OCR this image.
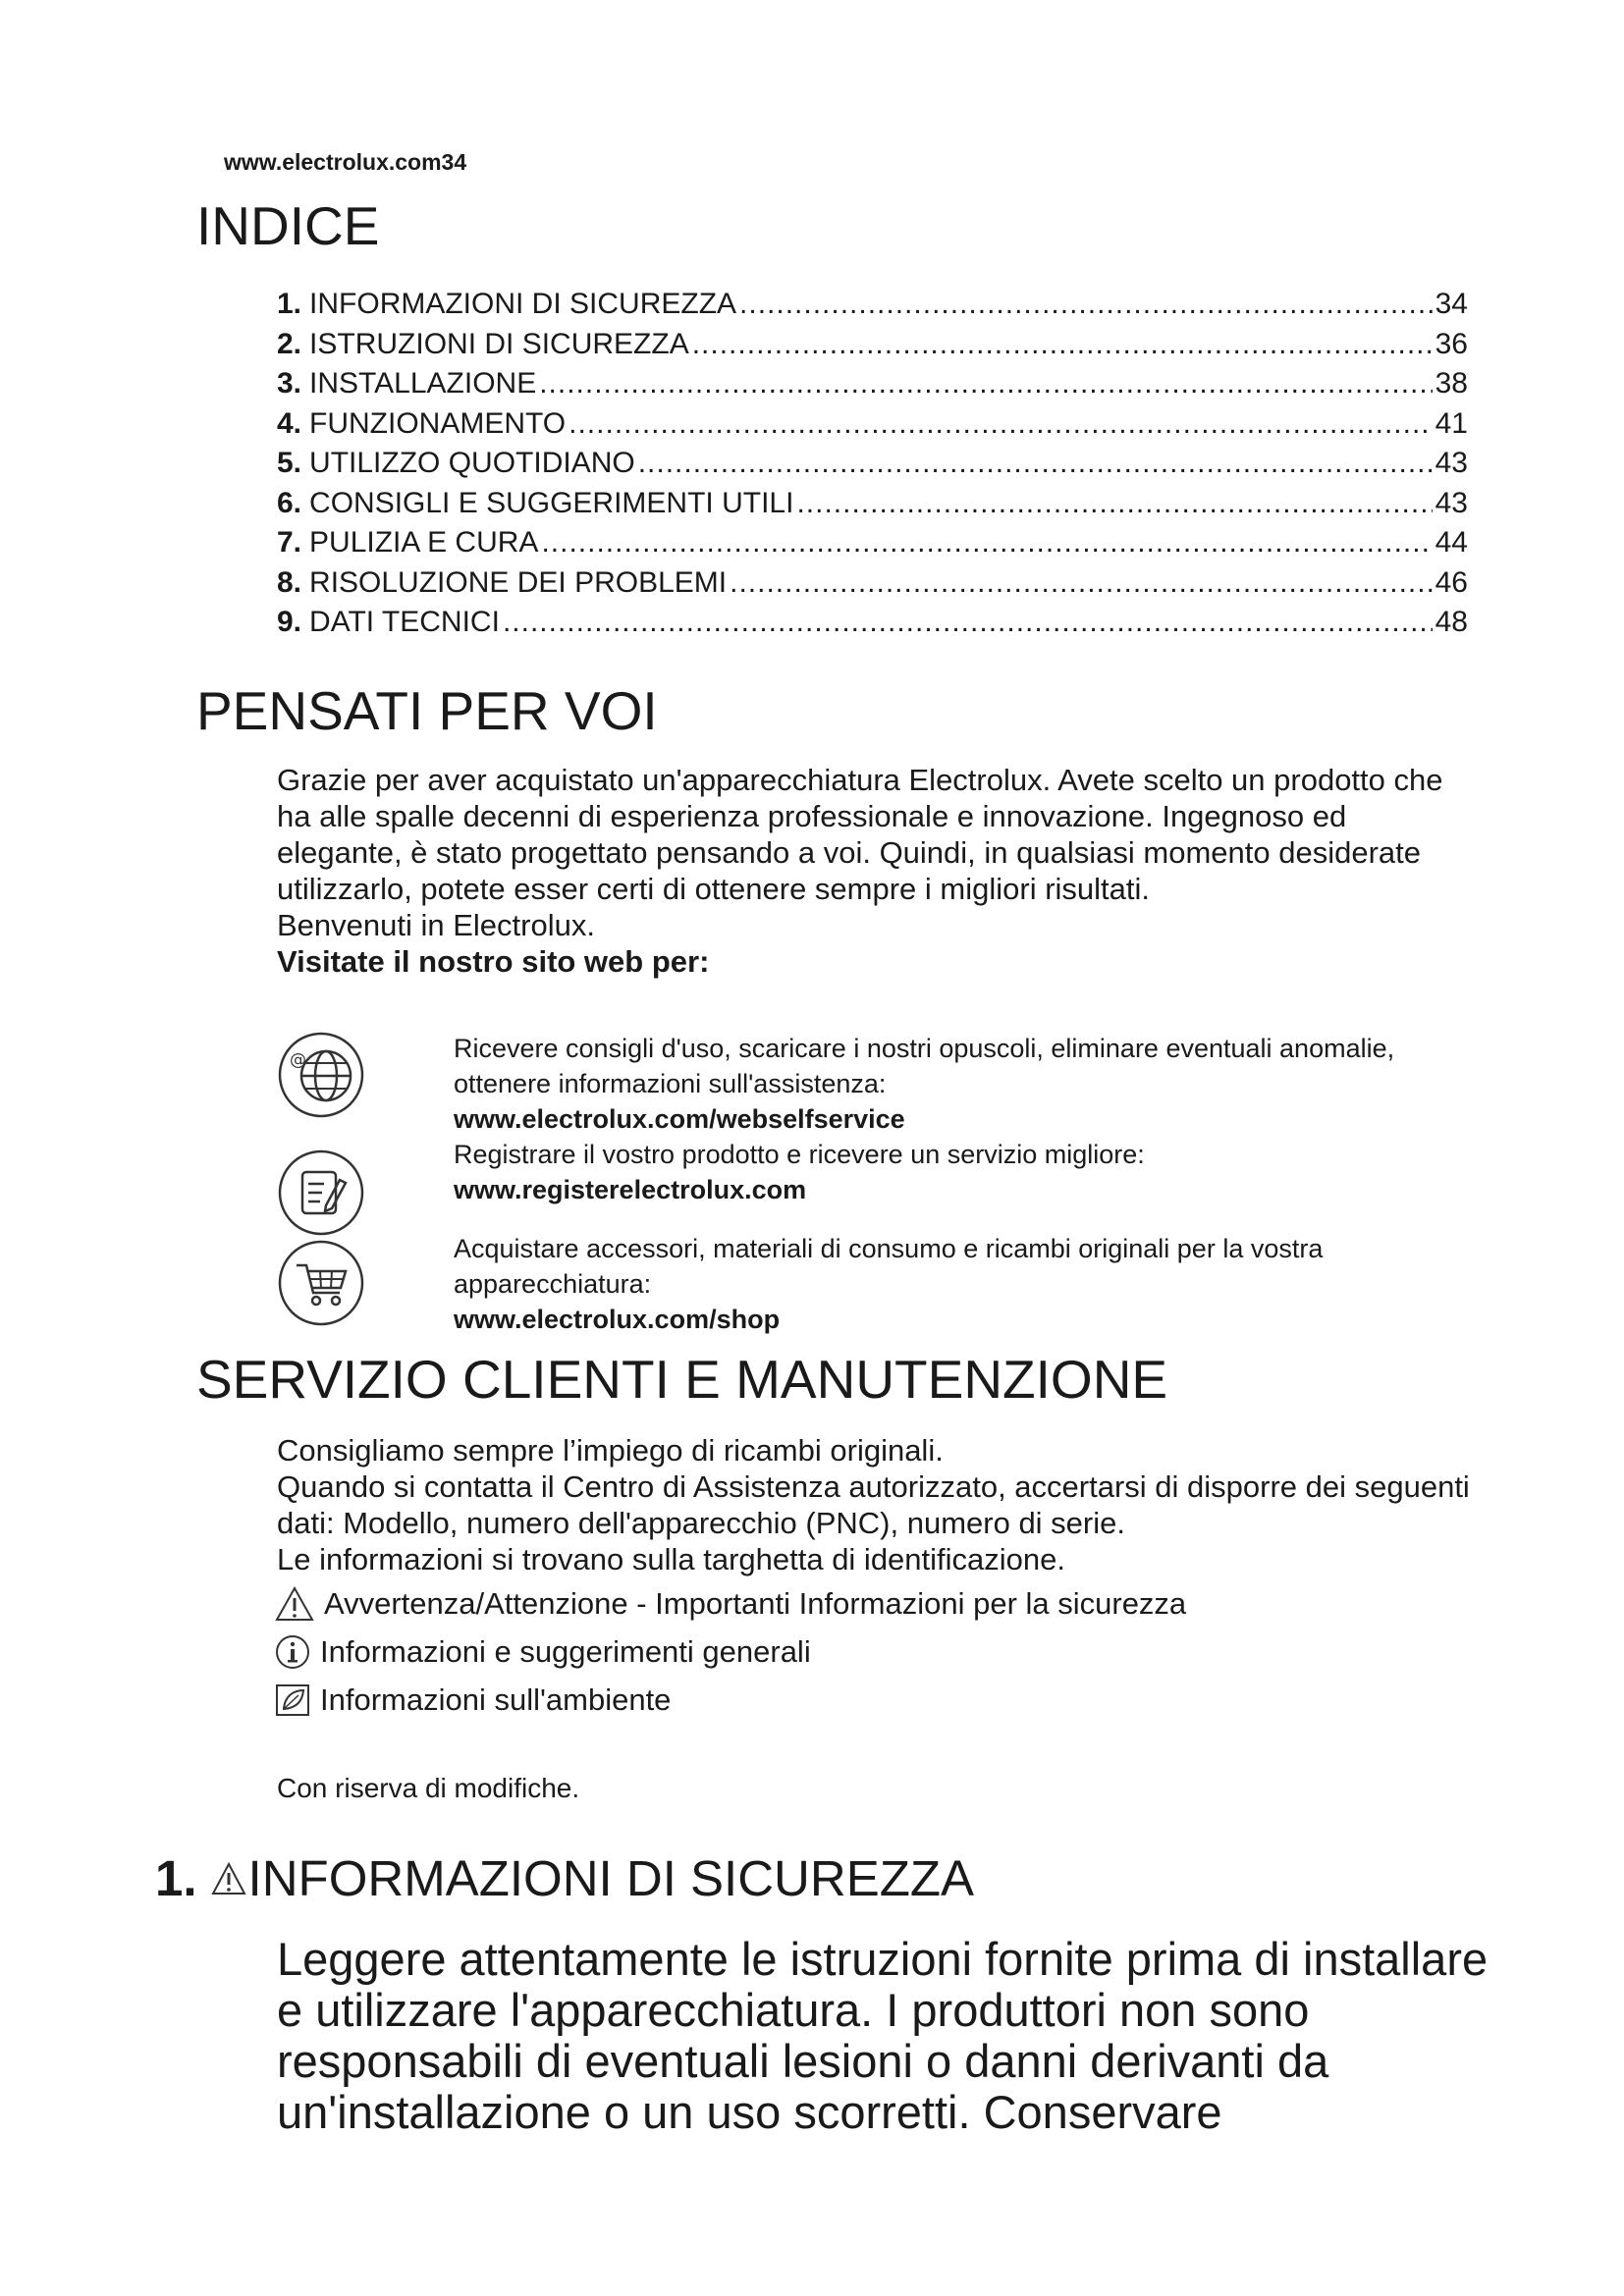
www.electrolux.com34
INDICE
1. INFORMAZIONI DI SICUREZZA .....	34
2. ISTRUZIONI DI SICUREZZA .....	36
3. INSTALLAZIONE .....	38
4. FUNZIONAMENTO .....	41
5. UTILIZZO QUOTIDIANO .....	43
6. CONSIGLI E SUGGERIMENTI UTILI .....	43
7. PULIZIA E CURA .....	44
8. RISOLUZIONE DEI PROBLEMI .....	46
9. DATI TECNICI .....	48
PENSATI PER VOI

Grazie per aver acquistato un'apparecchiatura Electrolux. Avete scelto un prodotto che ha alle spalle decenni di esperienza professionale e innovazione. Ingegnoso ed elegante, è stato progettato pensando a voi. Quindi, in qualsiasi momento desiderate utilizzarlo, potete esser certi di ottenere sempre i migliori risultati.

Benvenuti in Electrolux.

Visitate il nostro sito web per:

@	Ricevere consigli d'uso, scaricare i nostri opuscoli, eliminare eventuali anomalie, ottenere informazioni sull'assistenza:

www.electrolux.com/webselfservice

Registrare il vostro prodotto e ricevere un servizio migliore:

www.registerelectrolux.com

Acquistare accessori, materiali di consumo e ricambi originali per la vostra apparecchiatura:

www.electrolux.com/shop

SERVIZIO CLIENTI E MANUTENZIONE

Consigliamo sempre l’impiego di ricambi originali.

Quando si contatta il Centro di Assistenza autorizzato, accertarsi di disporre dei seguenti dati: Modello, numero dell'apparecchio (PNC), numero di serie.

Le informazioni si trovano sulla targhetta di identificazione.

Avvertenza/Attenzione - Importanti Informazioni per la sicurezza
Informazioni e suggerimenti generali
Informazioni sull'ambiente
Con riserva di modifiche.
1. INFORMAZIONI DI SICUREZZA
Leggere attentamente le istruzioni fornite prima di installare e utilizzare l'apparecchiatura. I produttori non sono responsabili di eventuali lesioni o danni derivanti da un'installazione o un uso scorretti. Conservare
